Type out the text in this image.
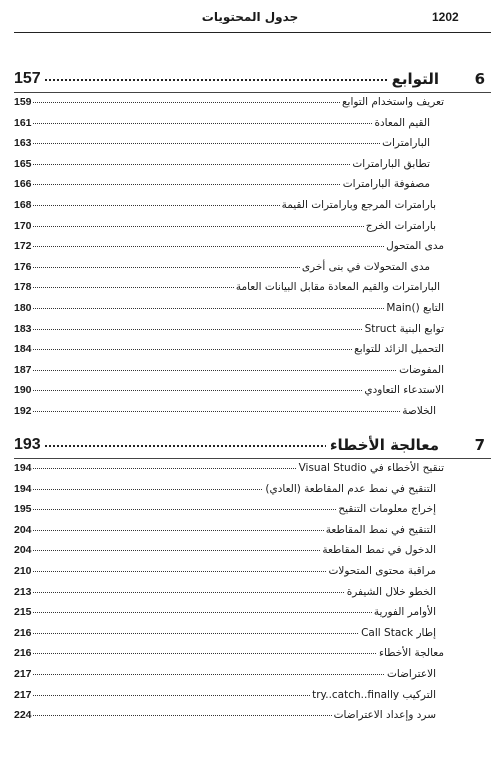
1202
جدول المحتويات
157	التوابع 6
159	تعريف واستخدام التوابع
161	القيم المعادة
163	البارامترات
165	تطابق البارامترات
166	مصفوفة البارامترات
168	بارامترات المرجع وبارامترات القيمة
170	بارامترات الخرج
172	مدى المتحول
176	مدى المتحولات في بنى أخرى
178	البارامترات والقيم المعادة مقابل البيانات العامة
180	التابع ()Main
183	توابع البنية Struct
184	التحميل الزائد للتوابع
187	المفوضات
190	الاستدعاء التعاودي
192	الخلاصة
193	معالجة الأخطاء 7
194	تنقيح الأخطاء في Visual Studio
194	التنقيح في نمط عدم المقاطعة (العادي)
195	إخراج معلومات التنقيح
204	التنقيح في نمط المقاطعة
204	الدخول في نمط المقاطعة
210	مراقبة محتوى المتحولات
213	الخطو خلال الشيفرة
215	الأوامر الفورية
216	إطار Call Stack
216	معالجة الأخطاء
217	الاعتراضات
217	التركيب try..catch..finally
224	سرد وإعداد الاعتراضات
